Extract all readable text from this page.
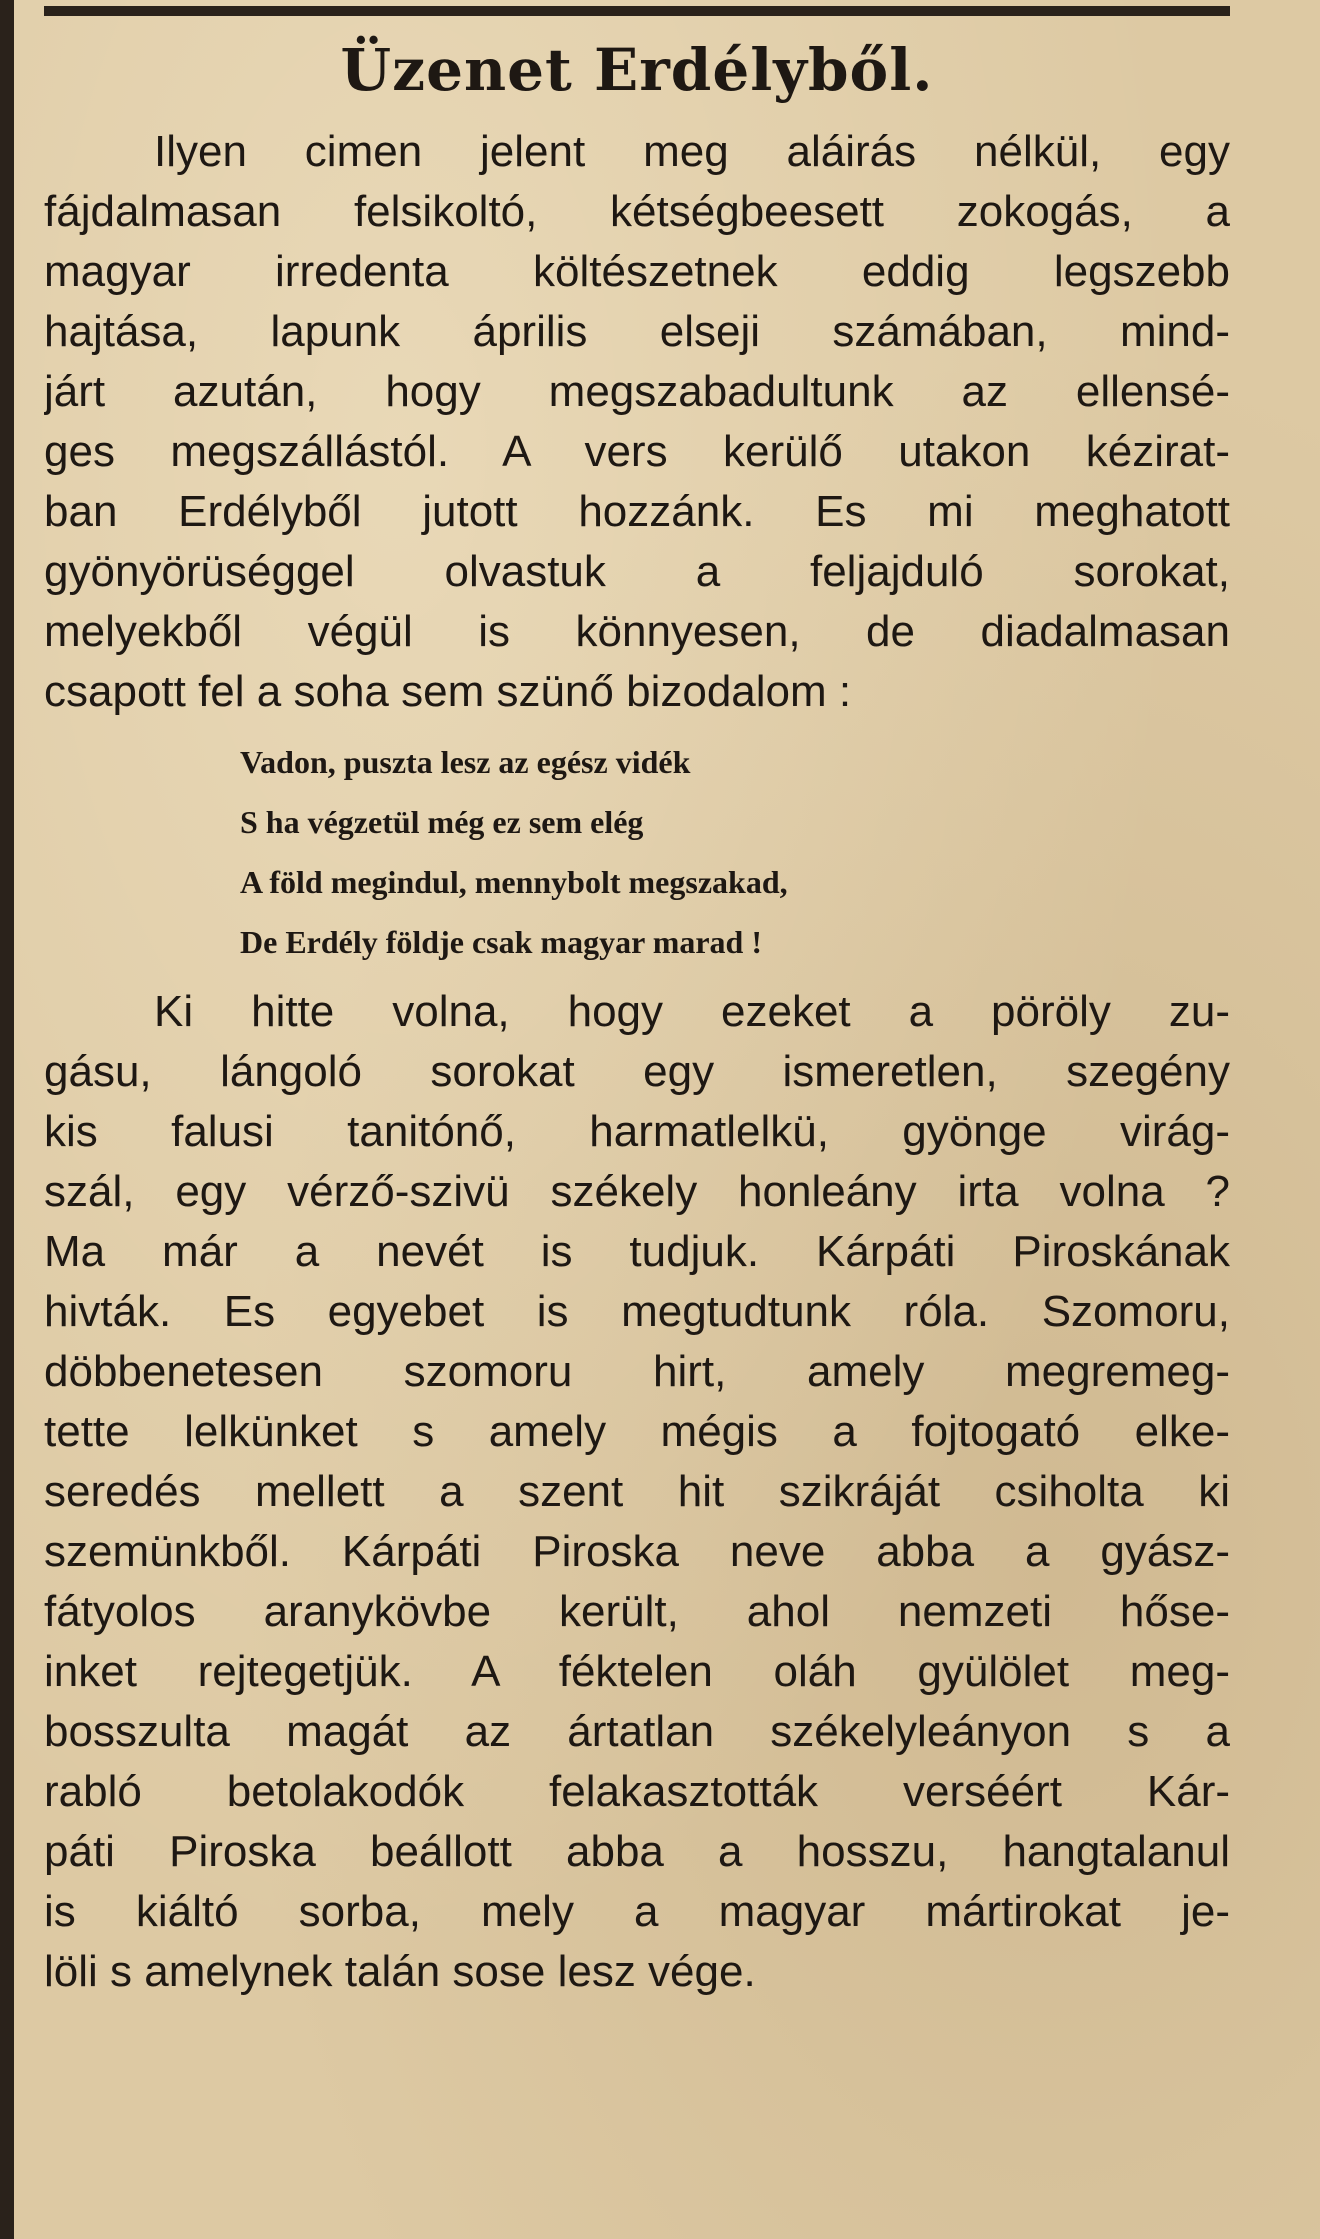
Üzenet Erdélyből.
Ilyen cimen jelent meg aláirás nélkül, egy
fájdalmasan felsikoltó, kétségbeesett zokogás, a
magyar irredenta költészetnek eddig legszebb
hajtása, lapunk április elseji számában, mind-
járt azután, hogy megszabadultunk az ellensé-
ges megszállástól. A vers kerülő utakon kézirat-
ban Erdélyből jutott hozzánk. Es mi meghatott
gyönyörüséggel olvastuk a feljajduló sorokat,
melyekből végül is könnyesen, de diadalmasan
csapott fel a soha sem szünő bizodalom :
Vadon, puszta lesz az egész vidék
S ha végzetül még ez sem elég
A föld megindul, mennybolt megszakad,
De Erdély földje csak magyar marad !
Ki hitte volna, hogy ezeket a pöröly zu-
gásu, lángoló sorokat egy ismeretlen, szegény
kis falusi tanitónő, harmatlelkü, gyönge virág-
szál, egy vérző-szivü székely honleány irta volna ?
Ma már a nevét is tudjuk. Kárpáti Piroskának
hivták. Es egyebet is megtudtunk róla. Szomoru,
döbbenetesen szomoru hirt, amely megremeg-
tette lelkünket s amely mégis a fojtogató elke-
seredés mellett a szent hit szikráját csiholta ki
szemünkből. Kárpáti Piroska neve abba a gyász-
fátyolos aranykövbe került, ahol nemzeti hőse-
inket rejtegetjük. A féktelen oláh gyülölet meg-
bosszulta magát az ártatlan székelyleányon s a
rabló betolakodók felakasztották verséért Kár-
páti Piroska beállott abba a hosszu, hangtalanul
is kiáltó sorba, mely a magyar mártirokat je-
löli s amelynek talán sose lesz vége.
